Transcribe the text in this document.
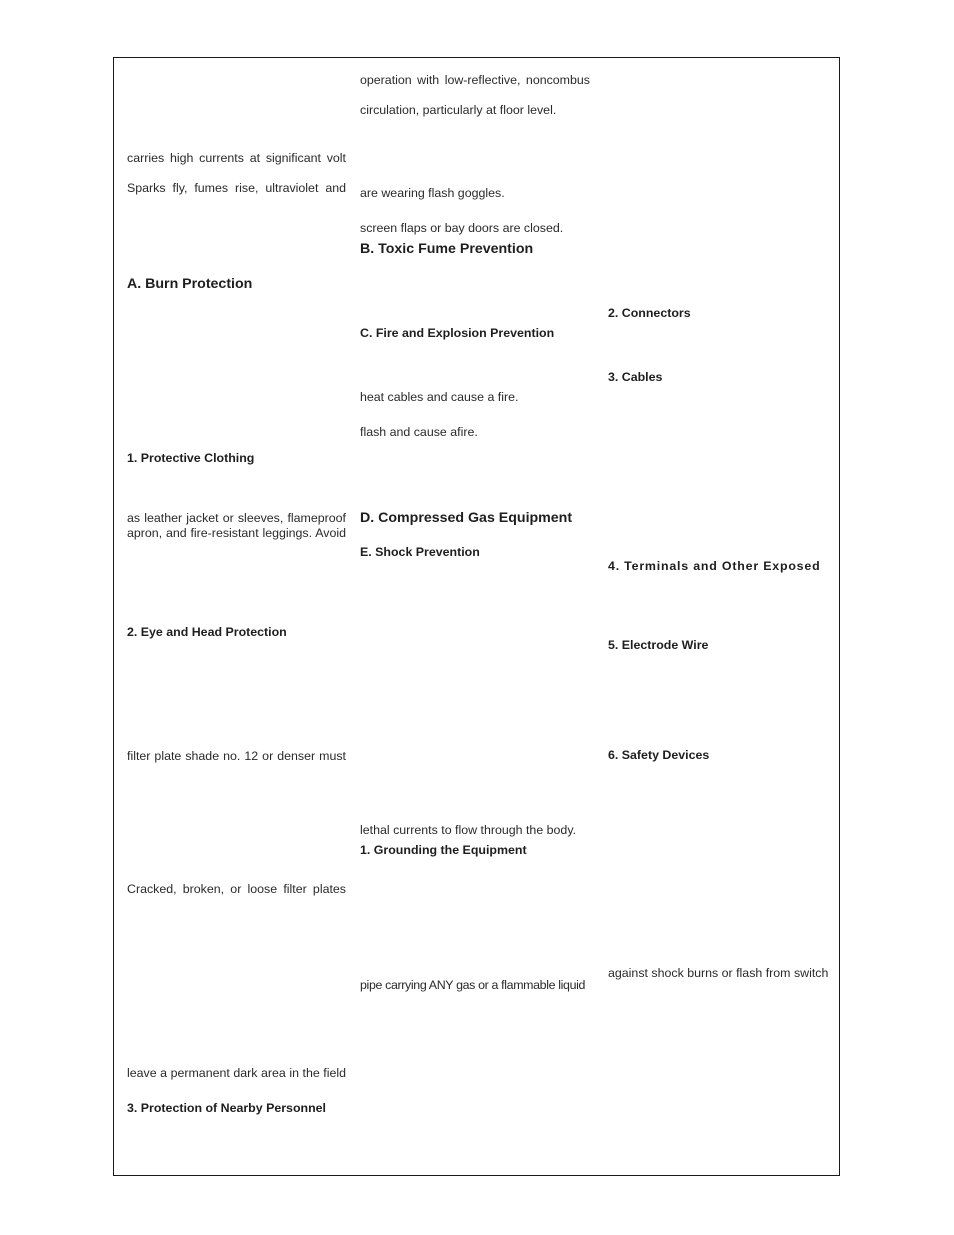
carries high currents at significant volt

Sparks fly, fumes rise, ultraviolet and

A. Burn Protection
1. Protective Clothing

as leather jacket or sleeves, flameproof

apron, and fire-resistant leggings. Avoid

2. Eye and Head Protection

filter plate shade no. 12 or denser must

Cracked, broken, or loose filter plates

leave a permanent dark area in the field

3. Protection of Nearby Personnel

operation with low-reflective, noncombus

circulation, particularly at floor level.

are wearing flash goggles.

screen flaps or bay doors are closed.

B. Toxic Fume Prevention
C. Fire and Explosion Prevention

heat cables and cause a fire.

flash and cause afire.

D. Compressed Gas Equipment
E. Shock Prevention

lethal currents to flow through the body.

1. Grounding the Equipment

pipe carrying ANY gas or a flammable liquid

2. Connectors
3. Cables
4. Terminals and Other Exposed
5. Electrode Wire
6. Safety Devices

against shock burns or flash from switch
